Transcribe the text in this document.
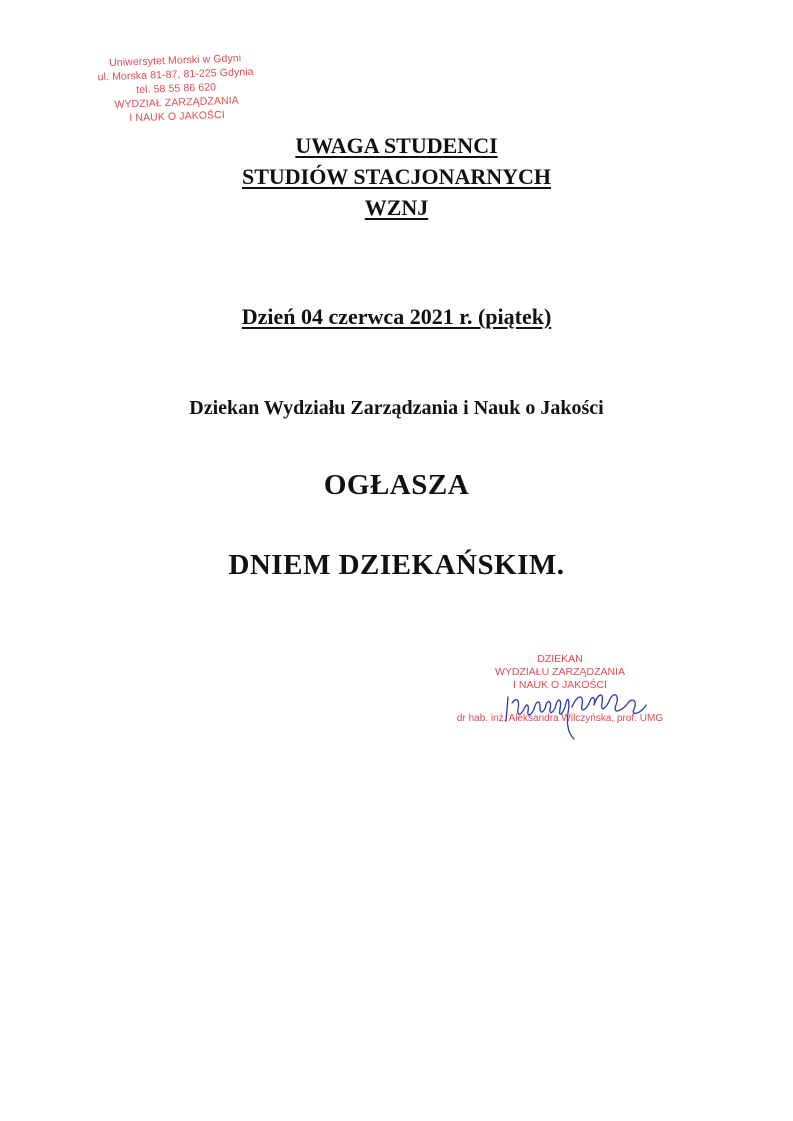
Uniwersytet Morski w Gdyni
ul. Morska 81-87, 81-225 Gdynia
tel. 58 55 86 620
WYDZIAŁ ZARZĄDZANIA
I NAUK O JAKOŚCI
UWAGA STUDENCI
STUDIÓW STACJONARNYCH
WZNJ
Dzień 04 czerwca 2021 r. (piątek)
Dziekan Wydziału Zarządzania i Nauk o Jakości
OGŁASZA
DNIEM DZIEKAŃSKIM.
DZIEKAN
WYDZIAŁU ZARZĄDZANIA
I NAUK O JAKOŚCI
dr hab. inż. Aleksandra Wilczyńska, prof. UMG
